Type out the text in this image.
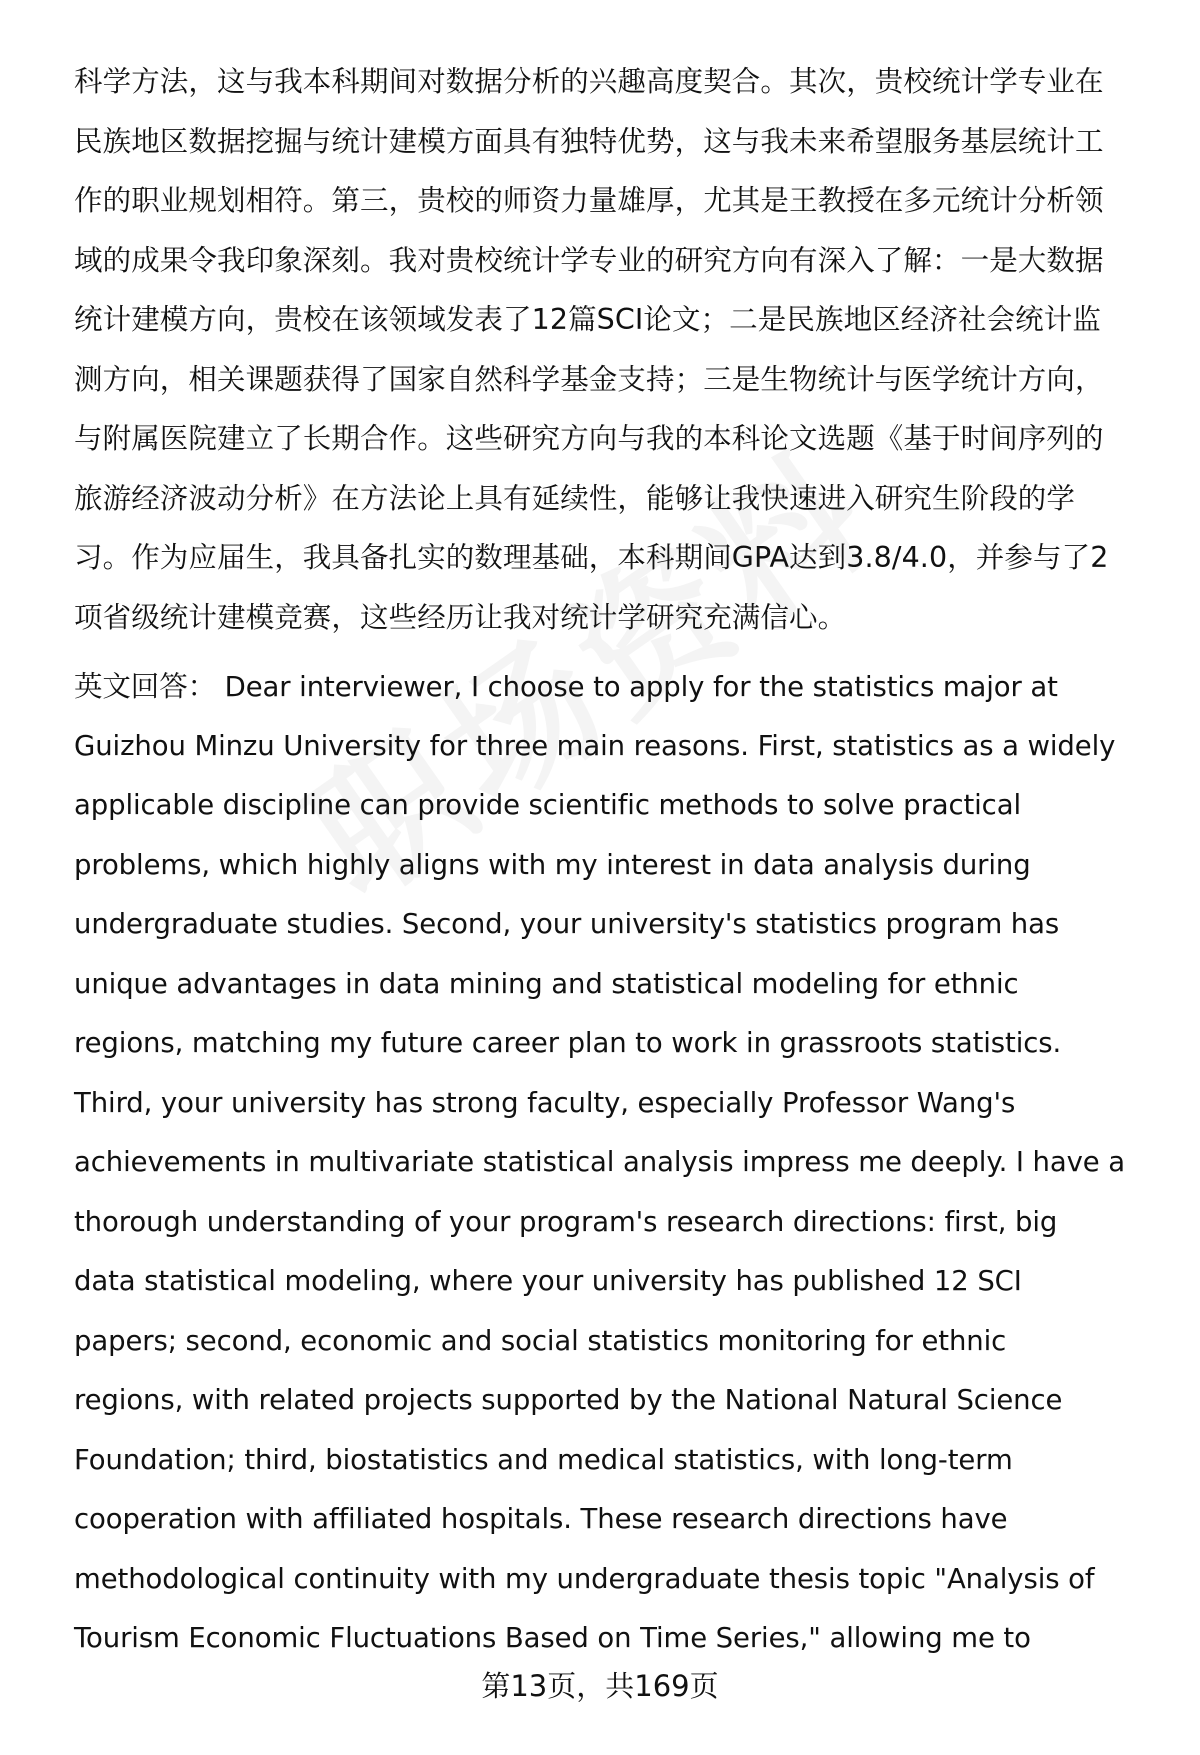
科学方法，这与我本科期间对数据分析的兴趣高度契合。其次，贵校统计学专业在
民族地区数据挖掘与统计建模方面具有独特优势，这与我未来希望服务基层统计工
作的职业规划相符。第三，贵校的师资力量雄厚，尤其是王教授在多元统计分析领
域的成果令我印象深刻。我对贵校统计学专业的研究方向有深入了解：一是大数据
统计建模方向，贵校在该领域发表了12篇SCI论文；二是民族地区经济社会统计监
测方向，相关课题获得了国家自然科学基金支持；三是生物统计与医学统计方向，
与附属医院建立了长期合作。这些研究方向与我的本科论文选题《基于时间序列的
旅游经济波动分析》在方法论上具有延续性，能够让我快速进入研究生阶段的学
习。作为应届生，我具备扎实的数理基础，本科期间GPA达到3.8/4.0，并参与了2
项省级统计建模竞赛，这些经历让我对统计学研究充满信心。
英文回答： Dear interviewer, I choose to apply for the statistics major at
Guizhou Minzu University for three main reasons. First, statistics as a widely
applicable discipline can provide scientific methods to solve practical
problems, which highly aligns with my interest in data analysis during
undergraduate studies. Second, your university's statistics program has
unique advantages in data mining and statistical modeling for ethnic
regions, matching my future career plan to work in grassroots statistics.
Third, your university has strong faculty, especially Professor Wang's
achievements in multivariate statistical analysis impress me deeply. I have a
thorough understanding of your program's research directions: first, big
data statistical modeling, where your university has published 12 SCI
papers; second, economic and social statistics monitoring for ethnic
regions, with related projects supported by the National Natural Science
Foundation; third, biostatistics and medical statistics, with long-term
cooperation with affiliated hospitals. These research directions have
methodological continuity with my undergraduate thesis topic "Analysis of
Tourism Economic Fluctuations Based on Time Series," allowing me to
第13页，共169页
